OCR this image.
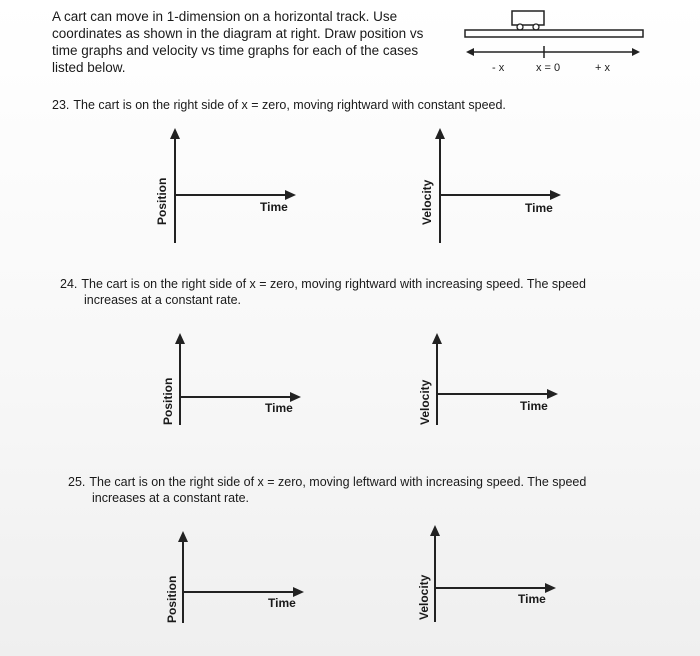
A cart can move in 1-dimension on a horizontal track. Use coordinates as shown in the diagram at right. Draw position vs time graphs and velocity vs time graphs for each of the cases listed below.	- x	x = 0	+ x
23. The cart is on the right side of x = zero, moving rightward with constant speed.
Position	Time	Velocity	Time
24. The cart is on the right side of x = zero, moving rightward with increasing speed. The speed
increases at a constant rate.
Position	Time	Velocity	Time
25. The cart is on the right side of x = zero, moving leftward with increasing speed. The speed
increases at a constant rate.
Position	Time	Velocity	Time
